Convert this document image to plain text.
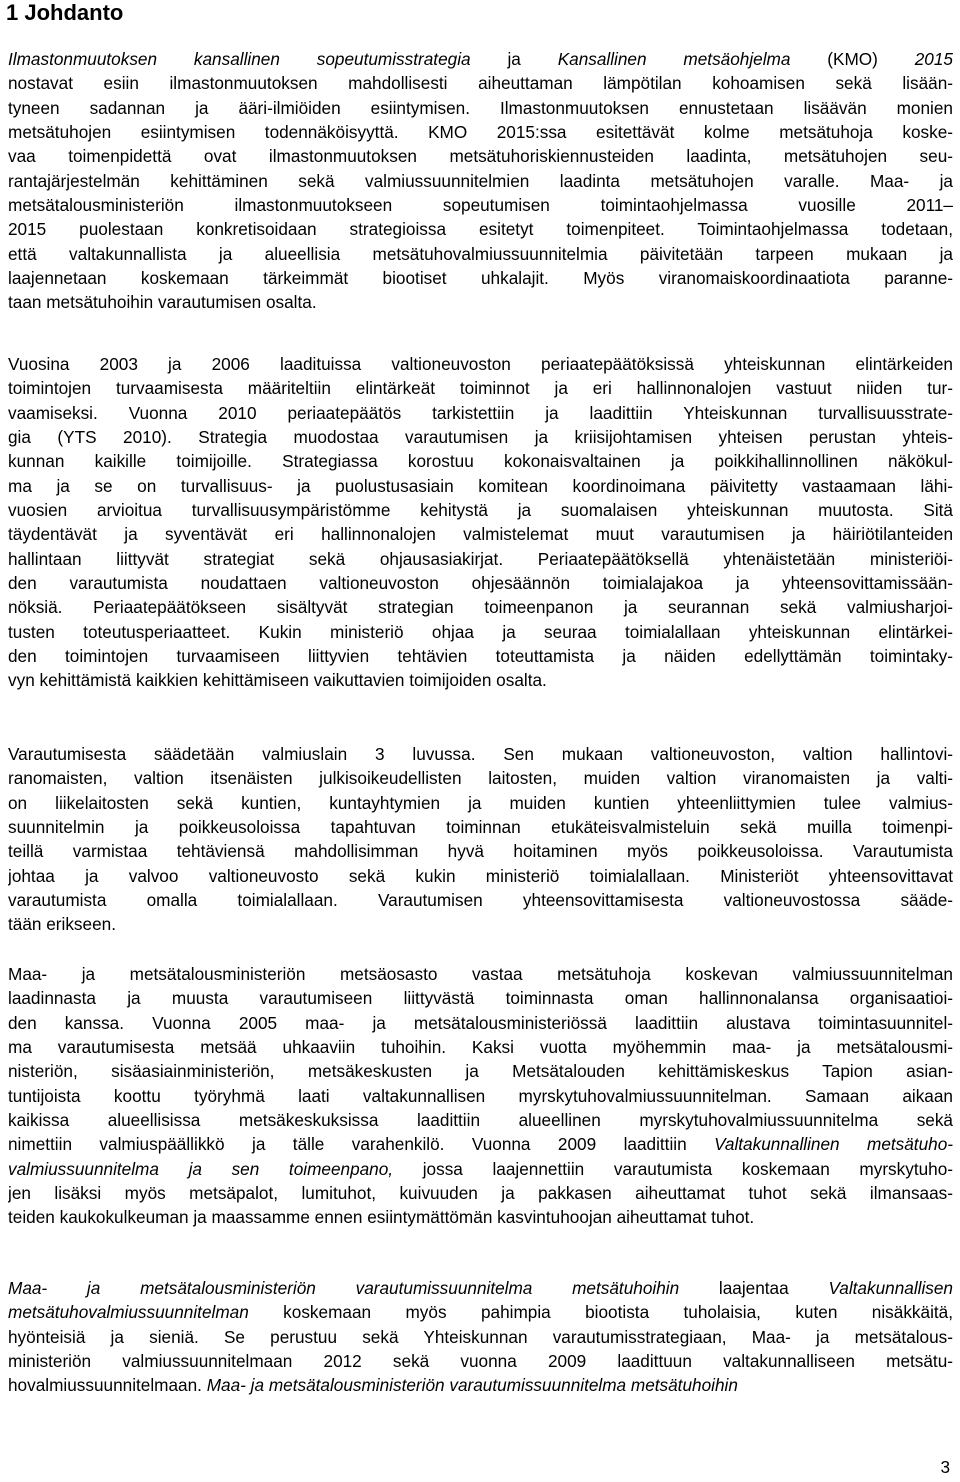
1 Johdanto
Ilmastonmuutoksen kansallinen sopeutumisstrategia ja Kansallinen metsäohjelma (KMO) 2015
nostavat esiin ilmastonmuutoksen mahdollisesti aiheuttaman lämpötilan kohoamisen sekä lisään-
tyneen sadannan ja ääri-ilmiöiden esiintymisen. Ilmastonmuutoksen ennustetaan lisäävän monien
metsätuhojen esiintymisen todennäköisyyttä. KMO 2015:ssa esitettävät kolme metsätuhoja koske-
vaa toimenpidettä ovat ilmastonmuutoksen metsätuhoriskiennusteiden laadinta, metsätuhojen seu-
rantajärjestelmän kehittäminen sekä valmiussuunnitelmien laadinta metsätuhojen varalle. Maa- ja
metsätalousministeriön ilmastonmuutokseen sopeutumisen toimintaohjelmassa vuosille 2011–
2015 puolestaan konkretisoidaan strategioissa esitetyt toimenpiteet. Toimintaohjelmassa todetaan,
että valtakunnallista ja alueellisia metsätuhovalmiussuunnitelmia päivitetään tarpeen mukaan ja
laajennetaan koskemaan tärkeimmät biootiset uhkalajit. Myös viranomaiskoordinaatiota paranne-
taan metsätuhoihin varautumisen osalta.
Vuosina 2003 ja 2006 laadituissa valtioneuvoston periaatepäätöksissä yhteiskunnan elintärkeiden
toimintojen turvaamisesta määriteltiin elintärkeät toiminnot ja eri hallinnonalojen vastuut niiden tur-
vaamiseksi. Vuonna 2010 periaatepäätös tarkistettiin ja laadittiin Yhteiskunnan turvallisuusstrate-
gia (YTS 2010). Strategia muodostaa varautumisen ja kriisijohtamisen yhteisen perustan yhteis-
kunnan kaikille toimijoille. Strategiassa korostuu kokonaisvaltainen ja poikkihallinnollinen näkökul-
ma ja se on turvallisuus- ja puolustusasiain komitean koordinoimana päivitetty vastaamaan lähi-
vuosien arvioitua turvallisuusympäristömme kehitystä ja suomalaisen yhteiskunnan muutosta. Sitä
täydentävät ja syventävät eri hallinnonalojen valmistelemat muut varautumisen ja häiriötilanteiden
hallintaan liittyvät strategiat sekä ohjausasiakirjat. Periaatepäätöksellä yhtenäistetään ministeriöi-
den varautumista noudattaen valtioneuvoston ohjesäännön toimialajakoa ja yhteensovittamissään-
nöksiä. Periaatepäätökseen sisältyvät strategian toimeenpanon ja seurannan sekä valmiusharjoi-
tusten toteutusperiaatteet. Kukin ministeriö ohjaa ja seuraa toimialallaan yhteiskunnan elintärkei-
den toimintojen turvaamiseen liittyvien tehtävien toteuttamista ja näiden edellyttämän toimintaky-
vyn kehittämistä kaikkien kehittämiseen vaikuttavien toimijoiden osalta.
Varautumisesta säädetään valmiuslain 3 luvussa. Sen mukaan valtioneuvoston, valtion hallintovi-
ranomaisten, valtion itsenäisten julkisoikeudellisten laitosten, muiden valtion viranomaisten ja valti-
on liikelaitosten sekä kuntien, kuntayhtymien ja muiden kuntien yhteenliittymien tulee valmius-
suunnitelmin ja poikkeusoloissa tapahtuvan toiminnan etukäteisvalmisteluin sekä muilla toimenpi-
teillä varmistaa tehtäviensä mahdollisimman hyvä hoitaminen myös poikkeusoloissa. Varautumista
johtaa ja valvoo valtioneuvosto sekä kukin ministeriö toimialallaan. Ministeriöt yhteensovittavat
varautumista omalla toimialallaan. Varautumisen yhteensovittamisesta valtioneuvostossa sääde-
tään erikseen.
Maa- ja metsätalousministeriön metsäosasto vastaa metsätuhoja koskevan valmiussuunnitelman
laadinnasta ja muusta varautumiseen liittyvästä toiminnasta oman hallinnonalansa organisaatioi-
den kanssa. Vuonna 2005 maa- ja metsätalousministeriössä laadittiin alustava toimintasuunnitel-
ma varautumisesta metsää uhkaaviin tuhoihin. Kaksi vuotta myöhemmin maa- ja metsätalousmi-
nisteriön, sisäasiainministeriön, metsäkeskusten ja Metsätalouden kehittämiskeskus Tapion asian-
tuntijoista koottu työryhmä laati valtakunnallisen myrskytuhovalmiussuunnitelman. Samaan aikaan
kaikissa alueellisissa metsäkeskuksissa laadittiin alueellinen myrskytuhovalmiussuunnitelma sekä
nimettiin valmiuspäällikkö ja tälle varahenkilö. Vuonna 2009 laadittiin Valtakunnallinen metsätuho-
valmiussuunnitelma ja sen toimeenpano, jossa laajennettiin varautumista koskemaan myrskytuho-
jen lisäksi myös metsäpalot, lumituhot, kuivuuden ja pakkasen aiheuttamat tuhot sekä ilmansaas-
teiden kaukokulkeuman ja maassamme ennen esiintymättömän kasvintuhoojan aiheuttamat tuhot.
Maa- ja metsätalousministeriön varautumissuunnitelma metsätuhoihin laajentaa Valtakunnallisen
metsätuhovalmiussuunnitelman koskemaan myös pahimpia biootista tuholaisia, kuten nisäkkäitä,
hyönteisiä ja sieniä. Se perustuu sekä Yhteiskunnan varautumisstrategiaan, Maa- ja metsätalous-
ministeriön valmiussuunnitelmaan 2012 sekä vuonna 2009 laadittuun valtakunnalliseen metsätu-
hovalmiussuunnitelmaan. Maa- ja metsätalousministeriön varautumissuunnitelma metsätuhoihin
3
